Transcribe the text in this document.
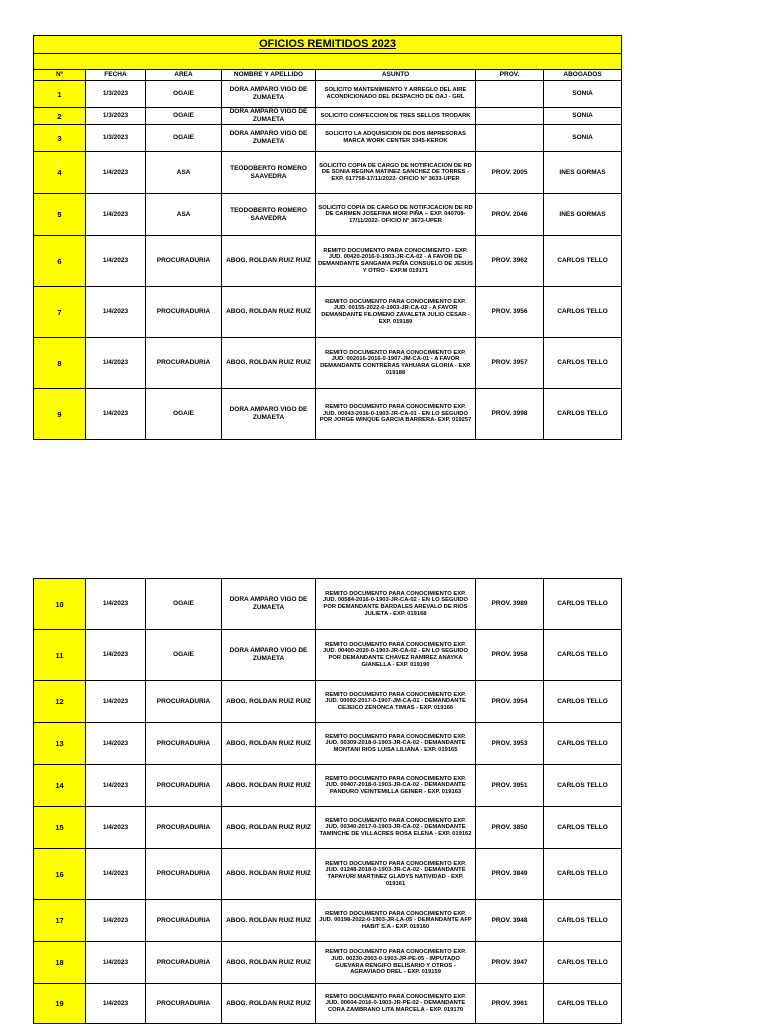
OFICIOS REMITIDOS 2023						

Nº	FECHA	AREA	NOMBRE Y APELLIDO	ASUNTO	PROV.	ABOGADOS
1	1/3/2023	OGAIE	DORA AMPARO VIGO DE ZUMAETA	SOLICITO MANTENIMIENTO Y ARREGLO DEL AIRE ACONDICIONADO DEL DESPACHO DE OAJ - GRL		SONIA
2	1/3/2023	OGAIE	DORA AMPARO VIGO DE ZUMAETA	SOLICITO CONFECCION DE TRES SELLOS TRODARK		SONIA
3	1/3/2023	OGAIE	DORA AMPARO VIGO DE ZUMAETA	SOLICITO LA ADQUISICION DE DOS IMPRESORAS MARCA WORK CENTER 3345-KEROK		SONIA
4	1/4/2023	ASA	TEODOBERTO ROMERO SAAVEDRA	SOLICITO COPIA DE CARGO DE NOTIFICACION DE RD DE SONIA REGINA MATINEZ SANCHEZ DE TORRES - EXP. 017758-17/11/2022- OFICIO N° 3633-UPER	PROV. 2005	INES GORMAS
5	1/4/2023	ASA	TEODOBERTO ROMERO SAAVEDRA	SOLICITO COPIA DE CARGO DE NOTIFJCACION DE RD DE CARMEN JOSEFINA MORI PIÑA -- EXP. 040708-17/11/2022- OFICIO N° 3673-UPER	PROV. 2046	INES GORMAS
6	1/4/2023	PROCURADURIA	ABOG. ROLDAN RUIZ RUIZ	REMITO DOCUMENTO PARA CONOCIMIENTO - EXP. JUD. 00420-2016-0-1903-JR-CA-02 - A FAVOR DE DEMANDANTE SANGAMA PEÑA CONSUELO DE JESUS Y OTRO - EXP.M 019171	PROV. 3962	CARLOS TELLO
7	1/4/2023	PROCURADURIA	ABOG. ROLDAN RUIZ RUIZ	REMITO DOCUMENTO PARA CONOCIMIENTO EXP. JUD. 00155-2022-0-1903-JR-CA-02 - A FAVOR DEMANDANTE FILOMENO ZAVALETA JULIO CESAR - EXP. 019189	PROV. 3956	CARLOS TELLO
8	1/4/2023	PROCURADURIA	ABOG. ROLDAN RUIZ RUIZ	REMITO DOCUMENTO PARA CONOCIMIENTO EXP. JUD. 002016-2016-0-1907-JM-CA-01 - A FAVOR DEMANDANTE CONTRERAS YAHUARA GLORIA - EXP. 019188	PROV. 3957	CARLOS TELLO
9	1/4/2023	OGAIE	DORA AMPARO VIGO DE ZUMAETA	REMITO DOCUMENTO PARA CONOCIMIENTO EXP. JUD. 00043-2016-0-1903-JR-CA-01 - EN LO SEGUIDO POR JORGE WINQUE GARCIA BARRERA- EXP. 019257	PROV. 3998	CARLOS TELLO
10	1/4/2023	OGAIE	DORA AMPARO VIGO DE ZUMAETA	REMITO DOCUMENTO PARA CONOCIMIENTO EXP. JUD. 00584-2016-0-1903-JR-CA-02 - EN LO SEGUIDO POR DEMANDANTE BARDALES AREVALO DE RIOS JULIETA - EXP. 019168	PROV. 3989	CARLOS TELLO
11	1/4/2023	OGAIE	DORA AMPARO VIGO DE ZUMAETA	REMITO DOCUMENTO PARA CONOCIMIENTO EXP. JUD. 00400-2020-0-1903-JR-CA-02 - EN LO SEGUIDO POR DEMANDANTE CHAVEZ RAMIREZ ANAYKA GIANELLA - EXP. 019190	PROV. 3958	CARLOS TELLO
12	1/4/2023	PROCURADURIA	ABOG. ROLDAN RUIZ RUIZ	REMITO DOCUMENTO PARA CONOCIMIENTO EXP. JUD. 00092-2017-0-1907-JM-CA-01 - DEMANDANTE CEJEICO ZENONCA TIMIAS - EXP. 019166	PROV. 3954	CARLOS TELLO
13	1/4/2023	PROCURADURIA	ABOG. ROLDAN RUIZ RUIZ	REMITO DOCUMENTO PARA CONOCIMIENTO EXP. JUD. 00309-2018-0-1903-JR-CA-02 - DEMANDANTE MONTANI RIOS LUISA LILIANA - EXP. 019165	PROV. 3953	CARLOS TELLO
14	1/4/2023	PROCURADURIA	ABOG. ROLDAN RUIZ RUIZ	REMITO DOCUMENTO PARA CONOCIMIENTO EXP. JUD. 00407-2018-0-1903-JR-CA-02 - DEMANDANTE PANDURO VEINTEMILLA GEINER - EXP. 019163	PROV. 3951	CARLOS TELLO
15	1/4/2023	PROCURADURIA	ABOG. ROLDAN RUIZ RUIZ	REMITO DOCUMENTO PARA CONOCIMIENTO EXP. JUD. 00340-2017-0-1903-JR-CA-02 - DEMANDANTE TAMINCHE DE VILLACRES ROSA ELENA - EXP. 019162	PROV. 3850	CARLOS TELLO
16	1/4/2023	PROCURADURIA	ABOG. ROLDAN RUIZ RUIZ	REMITO DOCUMENTO PARA CONOCIMIENTO EXP. JUD. 01248-2018-0-1903-JR-CA-02 - DEMANDANTE TAPAYURI MARTINEZ GLADYS NATIVIDAD - EXP. 019161	PROV. 3849	CARLOS TELLO
17	1/4/2023	PROCURADURIA	ABOG. ROLDAN RUIZ RUIZ	REMITO DOCUMENTO PARA CONOCIMIENTO EXP. JUD. 00198-2022-0-1903-JR-LA-05 - DEMANDANTE AFP HABIT S.A - EXP. 019160	PROV. 3948	CARLOS TELLO
18	1/4/2023	PROCURADURIA	ABOG. ROLDAN RUIZ RUIZ	REMITO DOCUMENTO PARA CONOCIMIENTO EXP. JUD. 00230-2003-0-1903-JR-PE-05 - IMPUTADO GUEVARA RENGIFO BELISARIO Y OTROS - AGRAVIADO DREL - EXP. 019159	PROV. 3947	CARLOS TELLO
19	1/4/2023	PROCURADURIA	ABOG. ROLDAN RUIZ RUIZ	REMITO DOCUMENTO PARA CONOCIMIENTO EXP. JUD. 00604-2016-0-1903-JR-PE-02 - DEMANDANTE CORA ZAMBRANO LITA MARCELA - EXP. 019170	PROV. 3961	CARLOS TELLO
